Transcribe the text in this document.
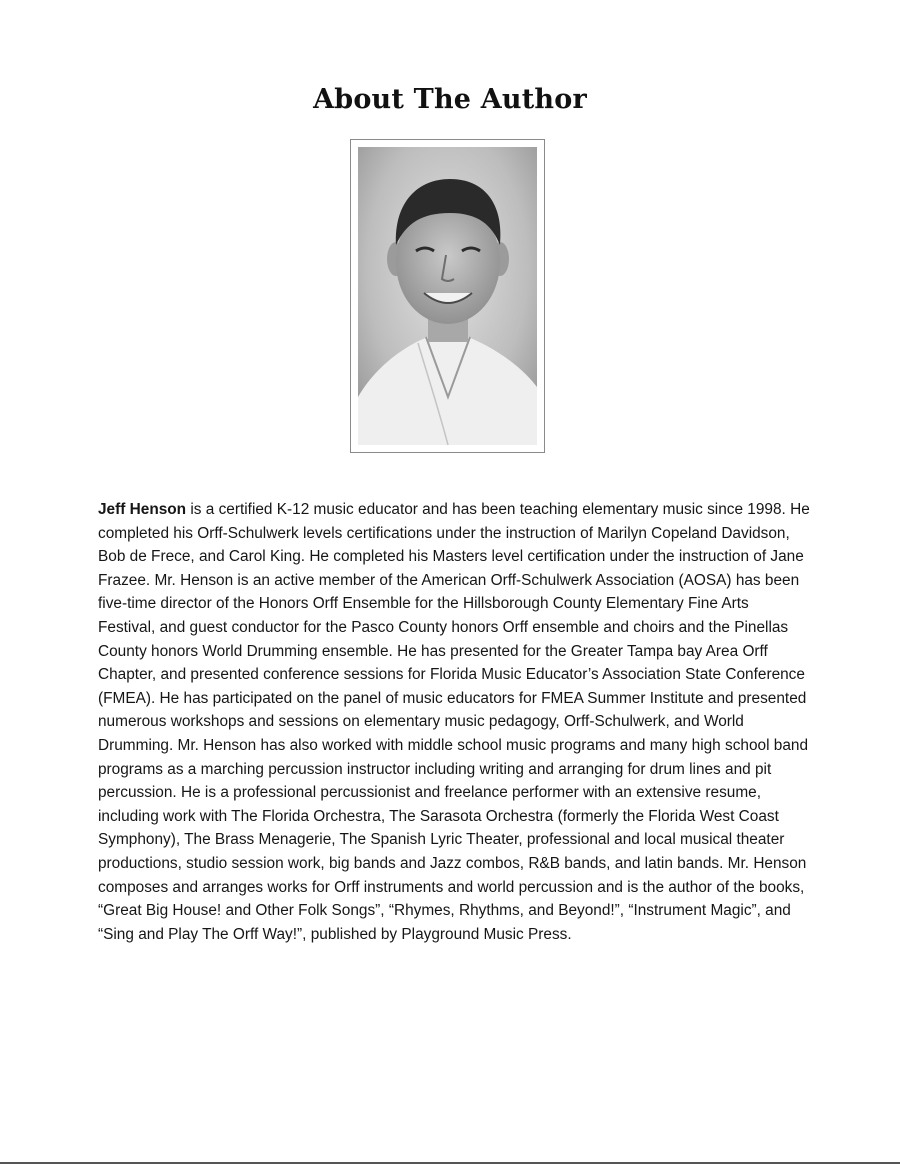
About The Author

Jeff Henson is a certified K-12 music educator and has been teaching elementary music since 1998. He completed his Orff-Schulwerk levels certifications under the instruction of Marilyn Copeland Davidson, Bob de Frece, and Carol King. He completed his Masters level certification under the instruction of Jane Frazee. Mr. Henson is an active member of the American Orff-Schulwerk Association (AOSA) has been five-time director of the Honors Orff Ensemble for the Hillsborough County Elementary Fine Arts Festival, and guest conductor for the Pasco County honors Orff ensemble and choirs and the Pinellas County honors World Drumming ensemble. He has presented for the Greater Tampa bay Area Orff Chapter, and presented conference sessions for Florida Music Educator’s Association State Conference (FMEA). He has participated on the panel of music educators for FMEA Summer Institute and presented numerous workshops and sessions on elementary music pedagogy, Orff-Schulwerk, and World Drumming. Mr. Henson has also worked with middle school music programs and many high school band programs as a marching percussion instructor including writing and arranging for drum lines and pit percussion. He is a professional percussionist and freelance performer with an extensive resume, including work with The Florida Orchestra, The Sarasota Orchestra (formerly the Florida West Coast Symphony), The Brass Menagerie, The Spanish Lyric Theater, professional and local musical theater productions, studio session work, big bands and Jazz combos, R&B bands, and latin bands. Mr. Henson composes and arranges works for Orff instruments and world percussion and is the author of the books, “Great Big House! and Other Folk Songs”, “Rhymes, Rhythms, and Beyond!”, “Instrument Magic”, and “Sing and Play The Orff Way!”, published by Playground Music Press.
